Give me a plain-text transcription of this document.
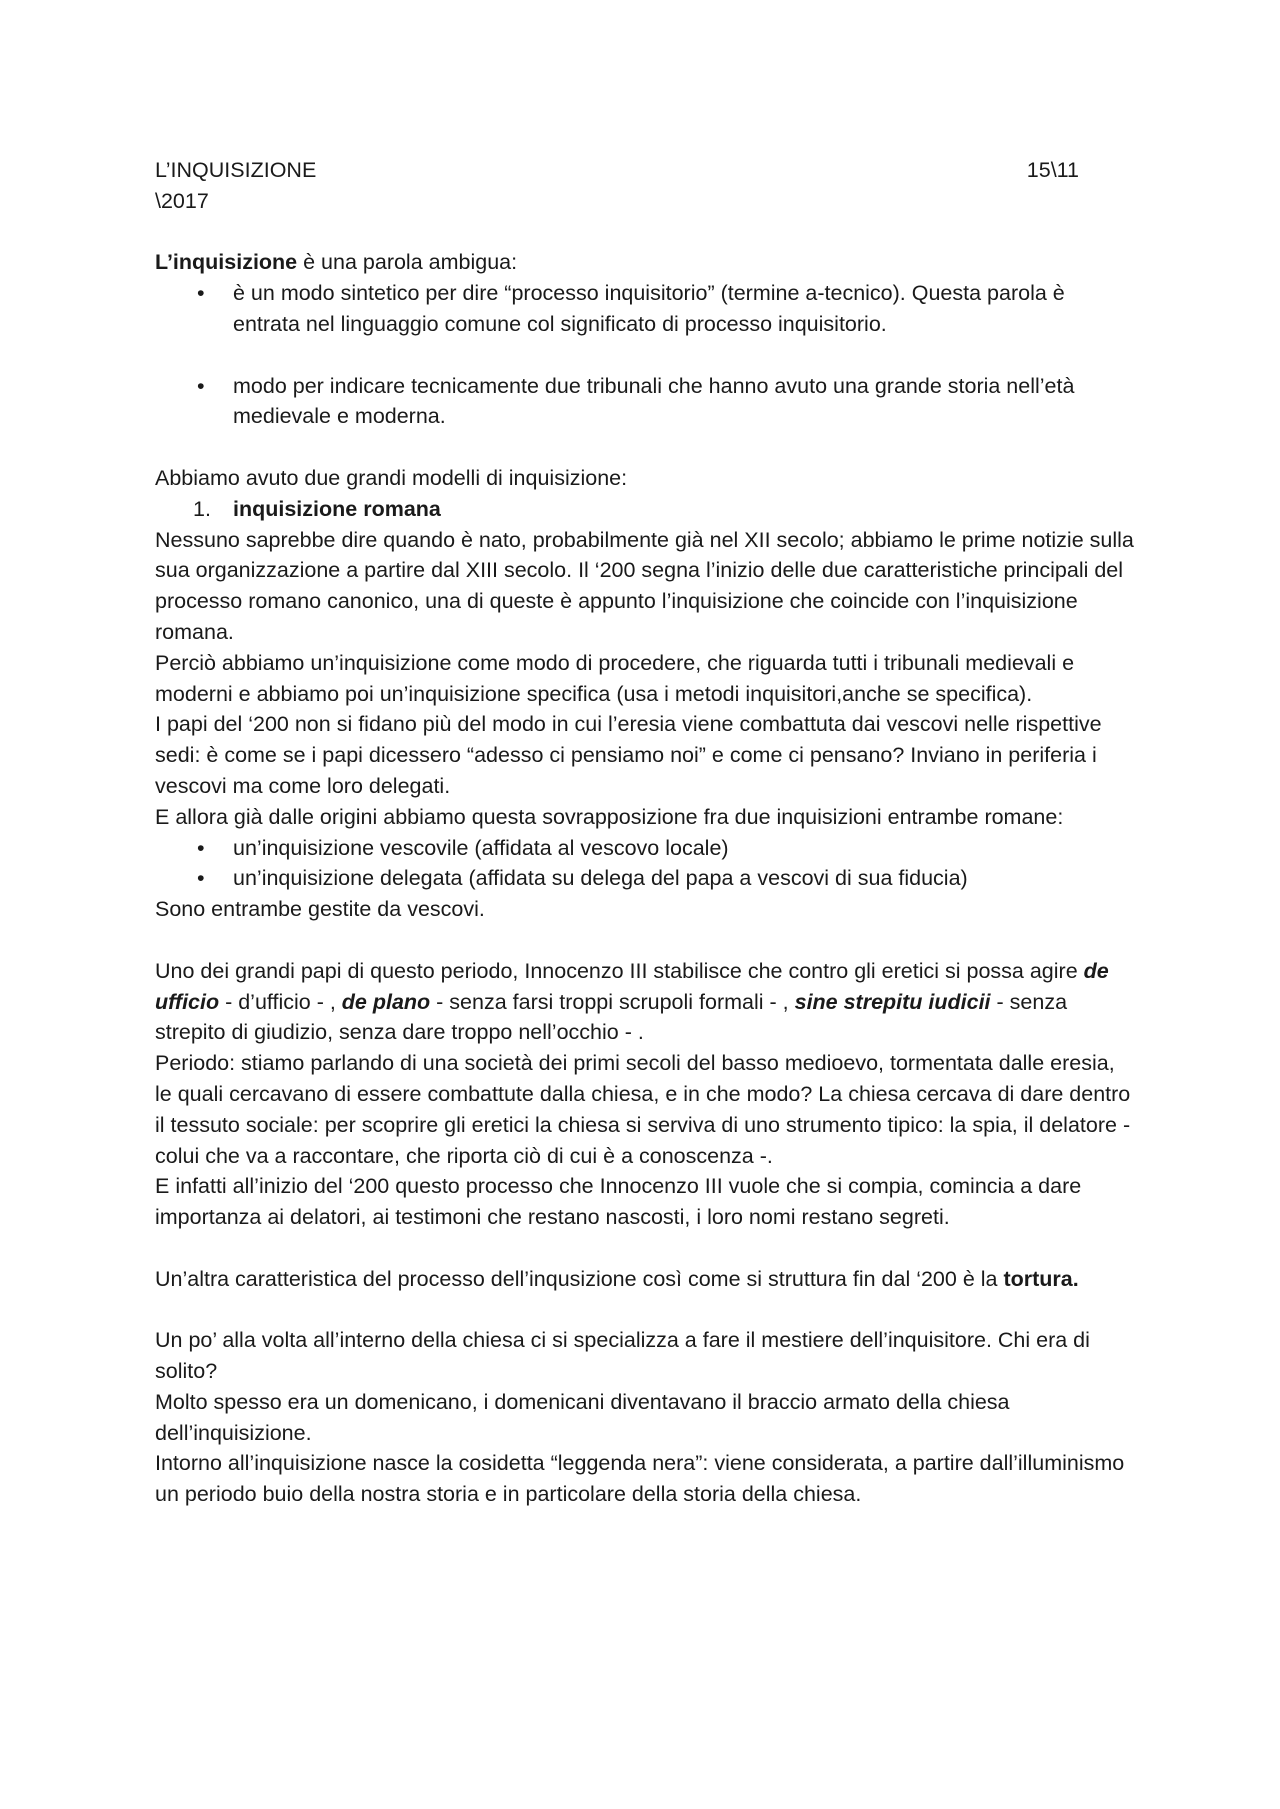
L’INQUISIZIONE	15\11

\2017

L’inquisizione è una parola ambigua:

• è un modo sintetico per dire “processo inquisitorio” (termine a-tecnico). Questa parola è entrata nel linguaggio comune col significato di processo inquisitorio.
• modo per indicare tecnicamente due tribunali che hanno avuto una grande storia nell’età medievale e moderna.

Abbiamo avuto due grandi modelli di inquisizione:

1. inquisizione romana

Nessuno saprebbe dire quando è nato, probabilmente già nel XII secolo; abbiamo le prime notizie sulla sua organizzazione a partire dal XIII secolo. Il ‘200 segna l’inizio delle due caratteristiche principali del processo romano canonico, una di queste è appunto l’inquisizione che coincide con l’inquisizione romana.

Perciò abbiamo un’inquisizione come modo di procedere, che riguarda tutti i tribunali medievali e moderni e abbiamo poi un’inquisizione specifica (usa i metodi inquisitori,anche se specifica).

I papi del ‘200 non si fidano più del modo in cui l’eresia viene combattuta dai vescovi nelle rispettive sedi: è come se i papi dicessero “adesso ci pensiamo noi” e come ci pensano? Inviano in periferia i vescovi ma come loro delegati.

E allora già dalle origini abbiamo questa sovrapposizione fra due inquisizioni entrambe romane:

• un’inquisizione vescovile (affidata al vescovo locale)
• un’inquisizione delegata (affidata su delega del papa a vescovi di sua fiducia)

Sono entrambe gestite da vescovi.

Uno dei grandi papi di questo periodo, Innocenzo III stabilisce che contro gli eretici si possa agire de ufficio - d’ufficio - , de plano - senza farsi troppi scrupoli formali - , sine strepitu iudicii - senza strepito di giudizio, senza dare troppo nell’occhio - .

Periodo: stiamo parlando di una società dei primi secoli del basso medioevo, tormentata dalle eresia, le quali cercavano di essere combattute dalla chiesa, e in che modo? La chiesa cercava di dare dentro il tessuto sociale: per scoprire gli eretici la chiesa si serviva di uno strumento tipico: la spia, il delatore - colui che va a raccontare, che riporta ciò di cui è a conoscenza -.

E infatti all’inizio del ‘200 questo processo che Innocenzo III vuole che si compia, comincia a dare importanza ai delatori, ai testimoni che restano nascosti, i loro nomi restano segreti.

Un’altra caratteristica del processo dell’inqusizione così come si struttura fin dal ‘200 è la tortura.

Un po’ alla volta all’interno della chiesa ci si specializza a fare il mestiere dell’inquisitore. Chi era di solito?

Molto spesso era un domenicano, i domenicani diventavano il braccio armato della chiesa dell’inquisizione.

Intorno all’inquisizione nasce la cosidetta “leggenda nera”: viene considerata, a partire dall’illuminismo un periodo buio della nostra storia e in particolare della storia della chiesa.
